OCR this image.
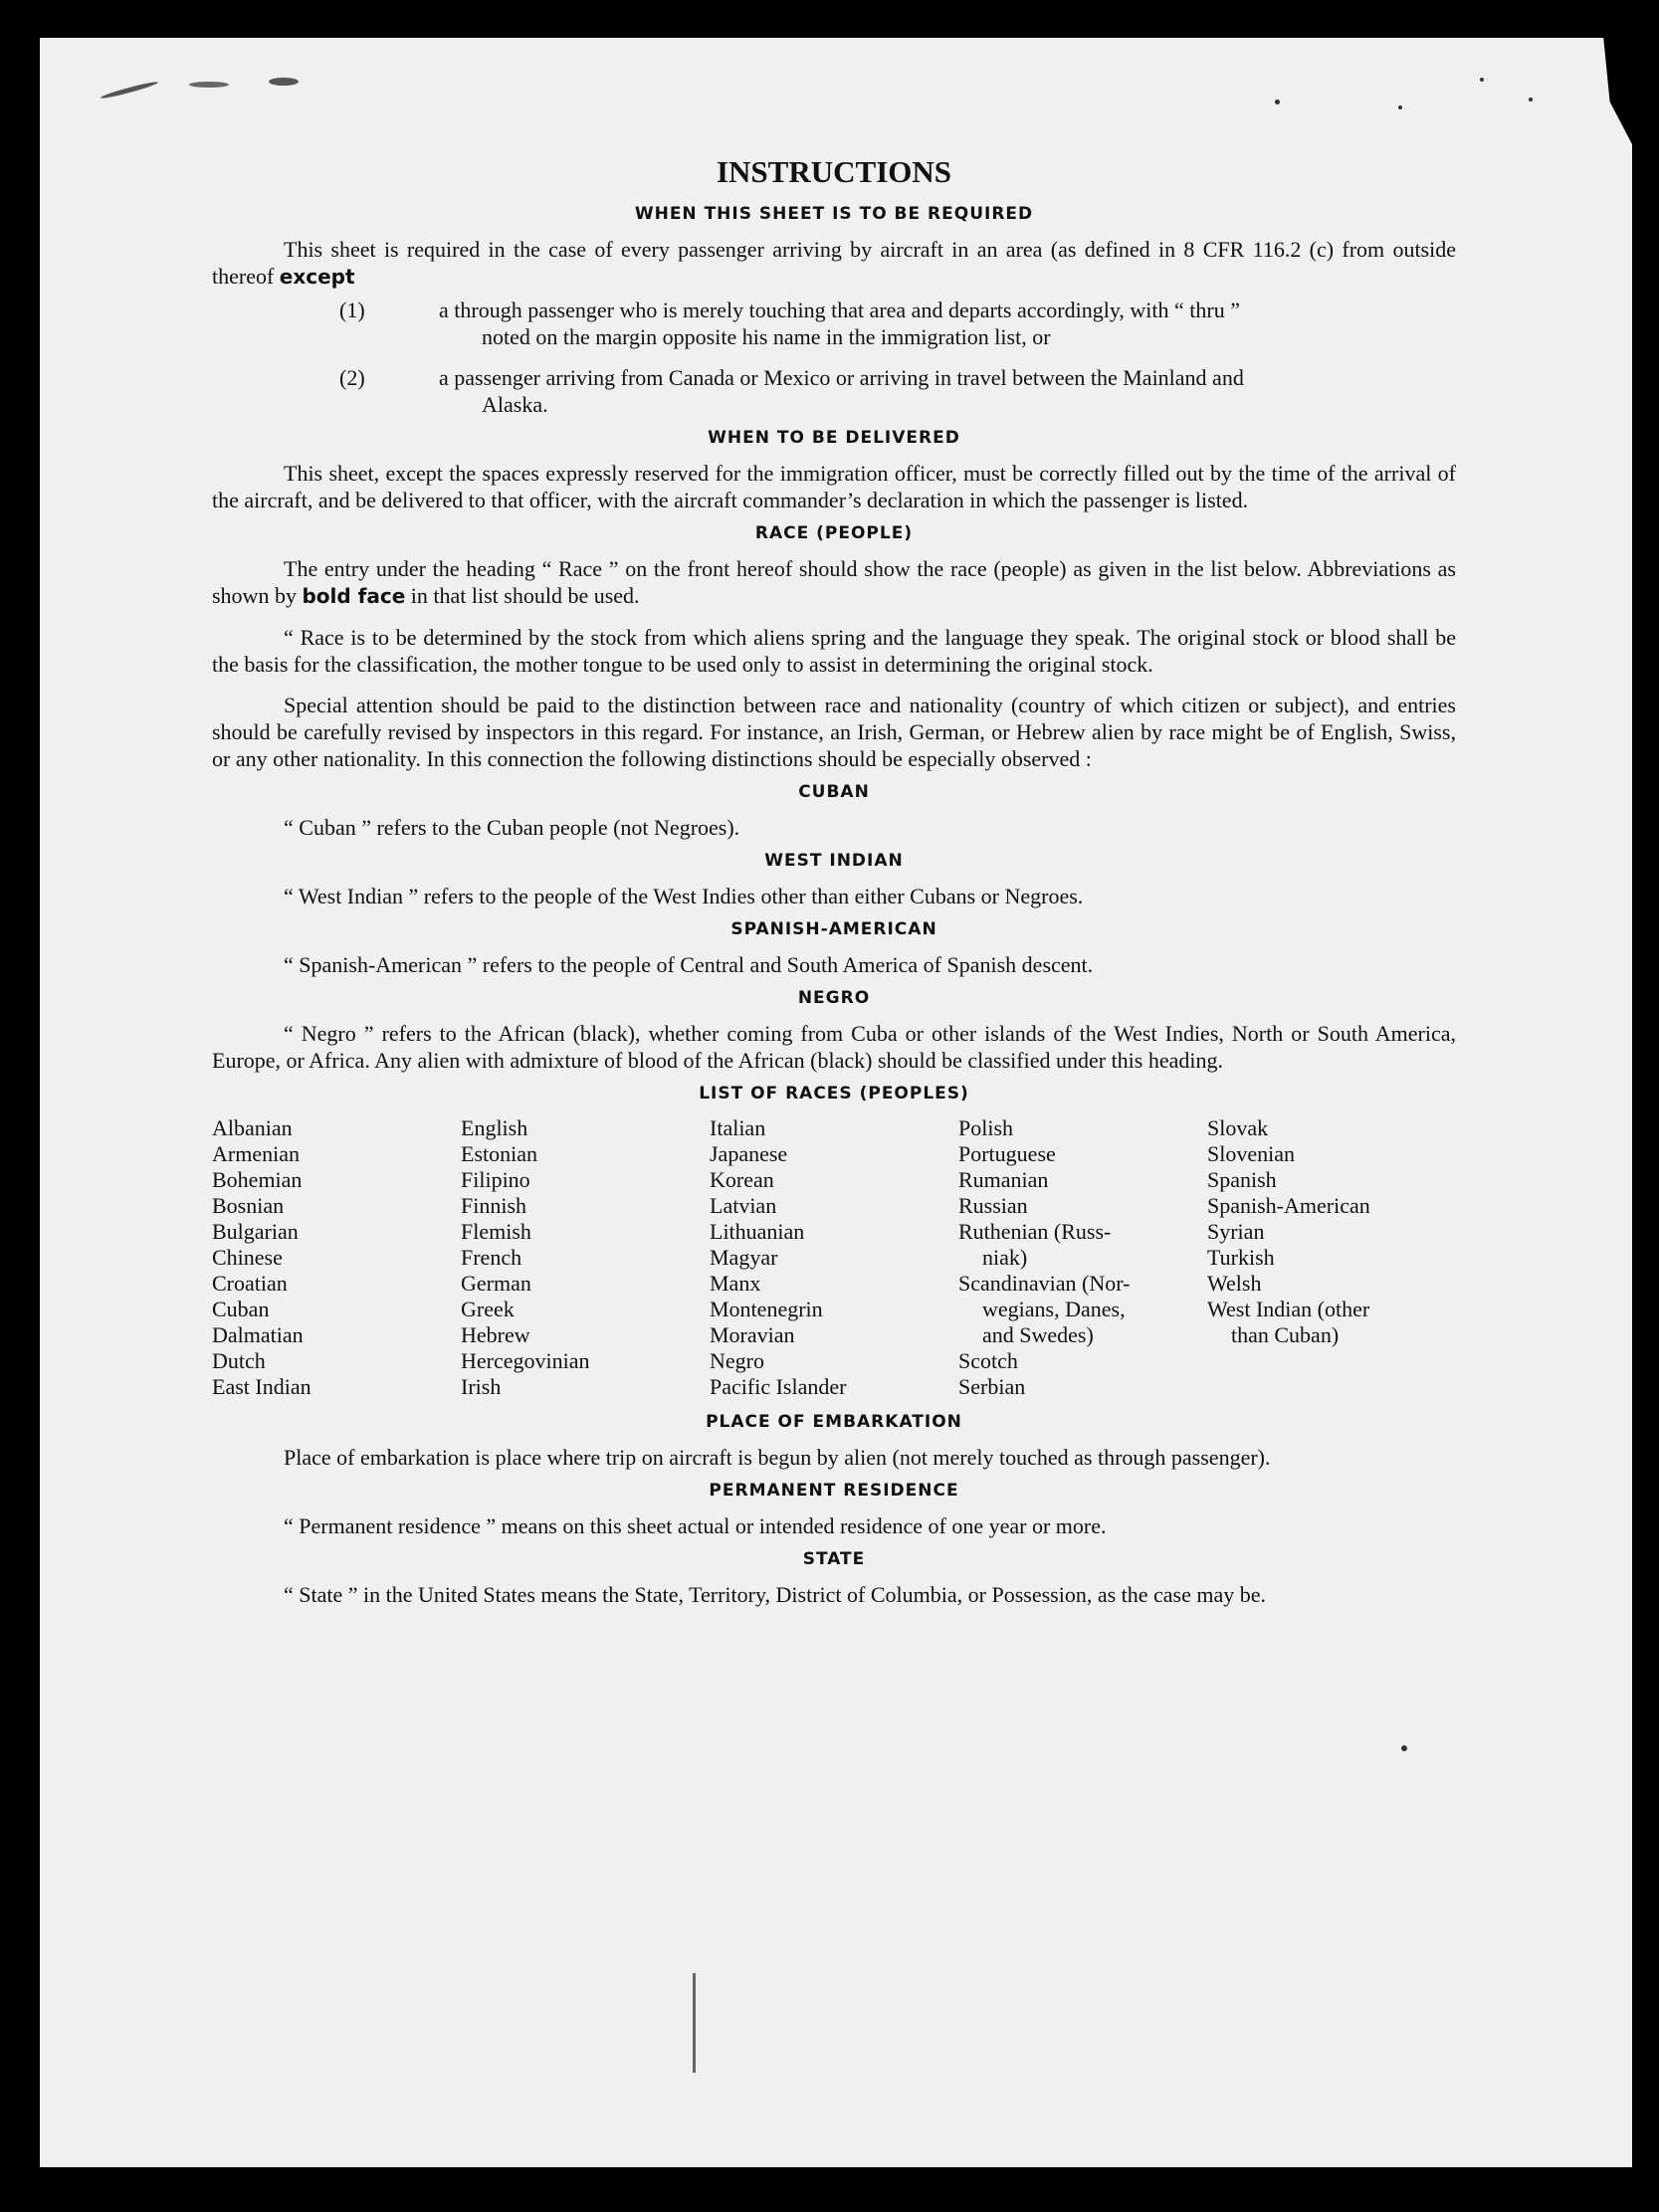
INSTRUCTIONS
WHEN THIS SHEET IS TO BE REQUIRED

This sheet is required in the case of every passenger arriving by aircraft in an area (as defined in 8 CFR 116.2 (c) from outside thereof except

(1)	a through passenger who is merely touching that area and departs accordingly, with “ thru ”
noted on the margin opposite his name in the immigration list, or
(2)	a passenger arriving from Canada or Mexico or arriving in travel between the Mainland and
Alaska.
WHEN TO BE DELIVERED

This sheet, except the spaces expressly reserved for the immigration officer, must be correctly filled out by the time of the arrival of the aircraft, and be delivered to that officer, with the aircraft commander’s declaration in which the passenger is listed.

RACE (PEOPLE)

The entry under the heading “ Race ” on the front hereof should show the race (people) as given in the list below. Abbreviations as shown by bold face in that list should be used.

“ Race is to be determined by the stock from which aliens spring and the language they speak. The original stock or blood shall be the basis for the classification, the mother tongue to be used only to assist in determining the original stock.

Special attention should be paid to the distinction between race and nationality (country of which citizen or subject), and entries should be carefully revised by inspectors in this regard. For instance, an Irish, German, or Hebrew alien by race might be of English, Swiss, or any other nationality. In this connection the following distinctions should be especially observed :

CUBAN

“ Cuban ” refers to the Cuban people (not Negroes).

WEST INDIAN

“ West Indian ” refers to the people of the West Indies other than either Cubans or Negroes.

SPANISH-AMERICAN

“ Spanish-American ” refers to the people of Central and South America of Spanish descent.

NEGRO

“ Negro ” refers to the African (black), whether coming from Cuba or other islands of the West Indies, North or South America, Europe, or Africa. Any alien with admixture of blood of the African (black) should be classified under this heading.

LIST OF RACES (PEOPLES)
Albanian
Armenian
Bohemian
Bosnian
Bulgarian
Chinese
Croatian
Cuban
Dalmatian
Dutch
East Indian
English
Estonian
Filipino
Finnish
Flemish
French
German
Greek
Hebrew
Hercegovinian
Irish
Italian
Japanese
Korean
Latvian
Lithuanian
Magyar
Manx
Montenegrin
Moravian
Negro
Pacific Islander
Polish
Portuguese
Rumanian
Russian
Ruthenian (Russ-
niak)
Scandinavian (Nor-
wegians, Danes,
and Swedes)
Scotch
Serbian
Slovak
Slovenian
Spanish
Spanish-American
Syrian
Turkish
Welsh
West Indian (other
than Cuban)
PLACE OF EMBARKATION

Place of embarkation is place where trip on aircraft is begun by alien (not merely touched as through passenger).

PERMANENT RESIDENCE

“ Permanent residence ” means on this sheet actual or intended residence of one year or more.

STATE

“ State ” in the United States means the State, Territory, District of Columbia, or Possession, as the case may be.
